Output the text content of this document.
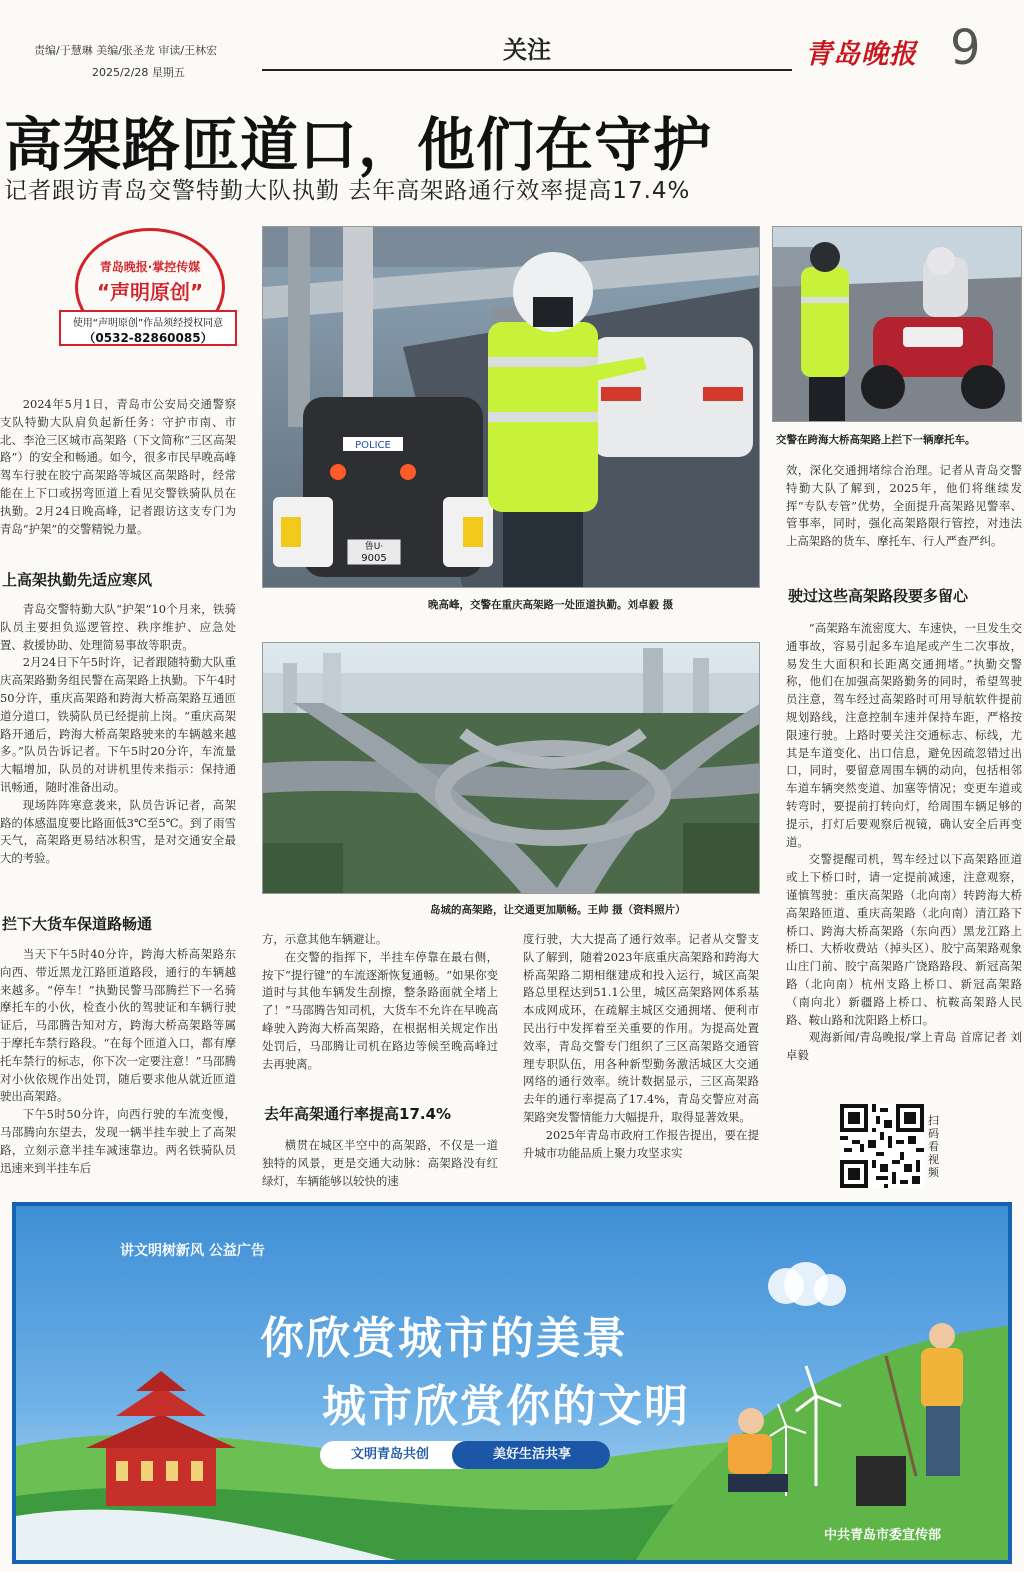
责编/于慧琳 美编/张圣龙 审读/王林宏
2025/2/28 星期五
关注	青岛晚报 9
高架路匝道口，他们在守护
记者跟访青岛交警特勤大队执勤 去年高架路通行效率提高17.4%
青岛晚报·掌控传媒
“声明原创”
使用“声明原创”作品须经授权同意
（0532-82860085）

2024年5月1日，青岛市公安局交通警察支队特勤大队肩负起新任务：守护市南、市北、李沧三区城市高架路（下文简称“三区高架路”）的安全和畅通。如今，很多市民早晚高峰驾车行驶在胶宁高架路等城区高架路时，经常能在上下口或拐弯匝道上看见交警铁骑队员在执勤。2月24日晚高峰，记者跟访这支专门为青岛“护架”的交警精锐力量。

上高架执勤先适应寒风

青岛交警特勤大队“护架”10个月来，铁骑队员主要担负巡逻管控、秩序维护、应急处置、救援协助、处理简易事故等职责。

2月24日下午5时许，记者跟随特勤大队重庆高架路勤务组民警在高架路上执勤。下午4时50分许，重庆高架路和跨海大桥高架路互通匝道分道口，铁骑队员已经提前上岗。“重庆高架路开通后，跨海大桥高架路驶来的车辆越来越多。”队员告诉记者。下午5时20分许，车流量大幅增加，队员的对讲机里传来指示：保持通讯畅通，随时准备出动。

现场阵阵寒意袭来，队员告诉记者，高架路的体感温度要比路面低3℃至5℃。到了雨雪天气，高架路更易结冰积雪，是对交通安全最大的考验。

拦下大货车保道路畅通

当天下午5时40分许，跨海大桥高架路东向西、带近黑龙江路匝道路段，通行的车辆越来越多。“停车！”执勤民警马邵腾拦下一名骑摩托车的小伙，检查小伙的驾驶证和车辆行驶证后，马邵腾告知对方，跨海大桥高架路等属于摩托车禁行路段。“在每个匝道入口，都有摩托车禁行的标志，你下次一定要注意！”马邵腾对小伙依规作出处罚，随后要求他从就近匝道驶出高架路。

下午5时50分许，向西行驶的车流变慢，马邵腾向东望去，发现一辆半挂车驶上了高架路，立刻示意半挂车减速靠边。两名铁骑队员迅速来到半挂车后

POLICE
鲁U·
9005
晚高峰，交警在重庆高架路一处匝道执勤。刘卓毅 摄
交警在跨海大桥高架路上拦下一辆摩托车。
岛城的高架路，让交通更加顺畅。王帅 摄（资料照片）

方，示意其他车辆避让。

在交警的指挥下，半挂车停靠在最右侧，按下“提行键”的车流逐渐恢复通畅。“如果你变道时与其他车辆发生刮擦，整条路面就全堵上了！”马邵腾告知司机，大货车不允许在早晚高峰驶入跨海大桥高架路，在根据相关规定作出处罚后，马邵腾让司机在路边等候至晚高峰过去再驶离。

去年高架通行率提高17.4%

横贯在城区半空中的高架路，不仅是一道独特的风景，更是交通大动脉：高架路没有红绿灯，车辆能够以较快的速

度行驶，大大提高了通行效率。记者从交警支队了解到，随着2023年底重庆高架路和跨海大桥高架路二期相继建成和投入运行，城区高架路总里程达到51.1公里，城区高架路网体系基本成网成环，在疏解主城区交通拥堵、便利市民出行中发挥着至关重要的作用。为提高处置效率，青岛交警专门组织了三区高架路交通管理专职队伍，用各种新型勤务激活城区大交通网络的通行效率。统计数据显示，三区高架路去年的通行率提高了17.4%，青岛交警应对高架路突发警情能力大幅提升，取得显著效果。

2025年青岛市政府工作报告提出，要在提升城市功能品质上聚力攻坚求实

效，深化交通拥堵综合治理。记者从青岛交警特勤大队了解到，2025年，他们将继续发挥“专队专管”优势，全面提升高架路见警率、管事率，同时，强化高架路限行管控，对违法上高架路的货车、摩托车、行人严查严纠。

驶过这些高架路段要多留心

“高架路车流密度大、车速快，一旦发生交通事故，容易引起多车追尾或产生二次事故，易发生大面积和长距离交通拥堵。”执勤交警称，他们在加强高架路勤务的同时，希望驾驶员注意，驾车经过高架路时可用导航软件提前规划路线，注意控制车速并保持车距，严格按限速行驶。上路时要关注交通标志、标线，尤其是车道变化、出口信息，避免因疏忽错过出口，同时，要留意周围车辆的动向，包括相邻车道车辆突然变道、加塞等情况；变更车道或转弯时，要提前打转向灯，给周围车辆足够的提示，打灯后要观察后视镜，确认安全后再变道。

交警提醒司机，驾车经过以下高架路匝道或上下桥口时，请一定提前减速，注意观察，谨慎驾驶：重庆高架路（北向南）转跨海大桥高架路匝道、重庆高架路（北向南）清江路下桥口、跨海大桥高架路（东向西）黑龙江路上桥口、大桥收费站（掉头区）、胶宁高架路观象山庄门前、胶宁高架路广饶路路段、新冠高架路（北向南）杭州支路上桥口、新冠高架路（南向北）新疆路上桥口、杭鞍高架路人民路、鞍山路和沈阳路上桥口。

观海新闻/青岛晚报/掌上青岛 首席记者 刘卓毅

扫码看视频
讲文明树新风 公益广告
你欣赏城市的美景
城市欣赏你的文明
文明青岛共创	美好生活共享
中共青岛市委宣传部
